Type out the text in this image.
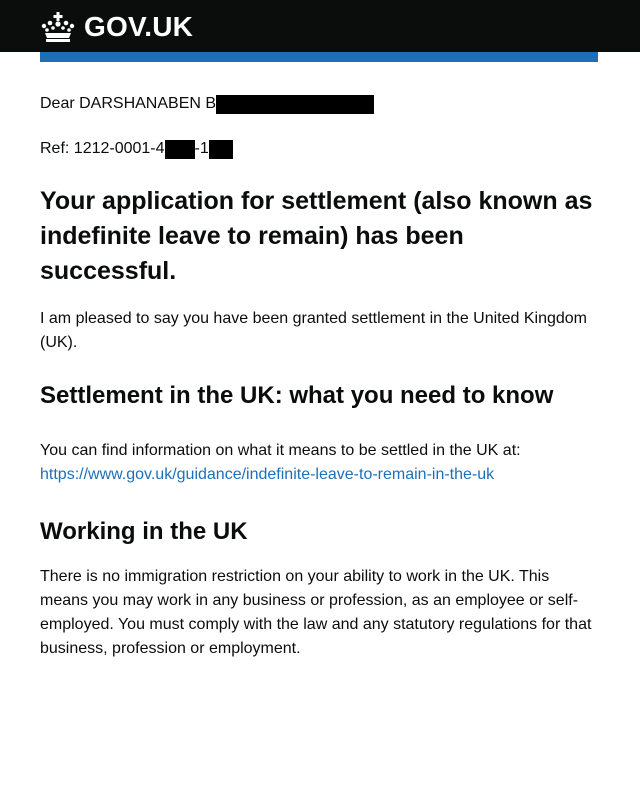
GOV.UK
Dear DARSHANABEN B
Ref: 1212-0001-4 -1
Your application for settlement (also known as indefinite leave to remain) has been successful.

I am pleased to say you have been granted settlement in the United Kingdom (UK).

Settlement in the UK: what you need to know

You can find information on what it means to be settled in the UK at: https://www.gov.uk/guidance/indefinite-leave-to-remain-in-the-uk

Working in the UK

There is no immigration restriction on your ability to work in the UK. This means you may work in any business or profession, as an employee or self-employed. You must comply with the law and any statutory regulations for that business, profession or employment.
